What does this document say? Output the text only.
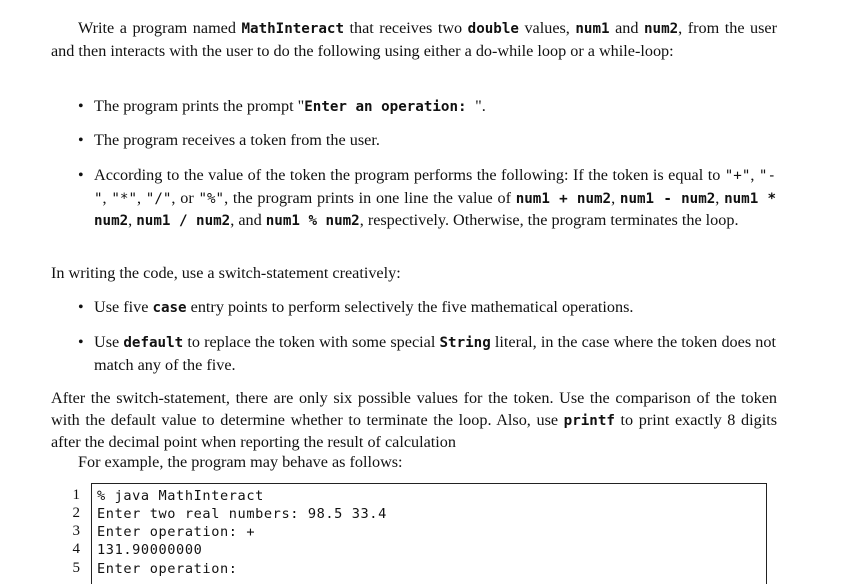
Write a program named MathInteract that receives two double values, num1 and num2, from the user and then interacts with the user to do the following using either a do-while loop or a while-loop:
• The program prints the prompt "Enter an operation: ".
• The program receives a token from the user.
• According to the value of the token the program performs the following: If the token is equal to "+", "-", "*", "/", or "%", the program prints in one line the value of num1 + num2, num1 - num2, num1 * num2, num1 / num2, and num1 % num2, respectively. Otherwise, the program terminates the loop.
In writing the code, use a switch-statement creatively:
• Use five case entry points to perform selectively the five mathematical operations.
• Use default to replace the token with some special String literal, in the case where the token does not match any of the five.
After the switch-statement, there are only six possible values for the token. Use the comparison of the token with the default value to determine whether to terminate the loop. Also, use printf to print exactly 8 digits after the decimal point when reporting the result of calculation
For example, the program may behave as follows:
1 % java MathInteract
2 Enter two real numbers: 98.5 33.4
3 Enter operation: +
4 131.90000000
5 Enter operation:
